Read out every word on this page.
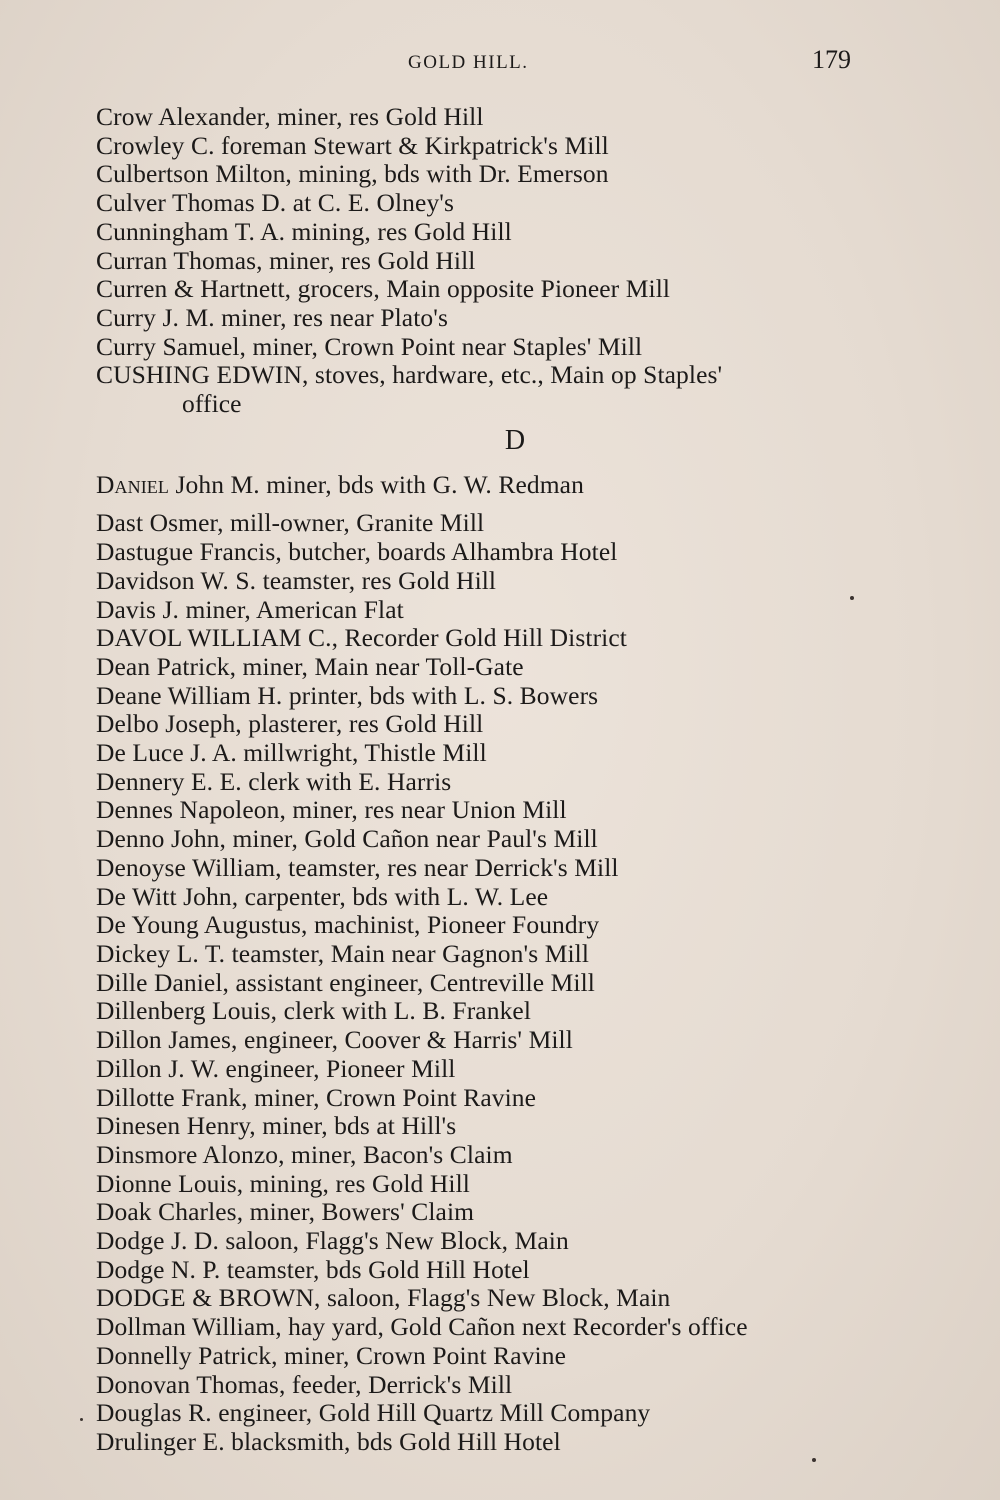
GOLD HILL.	179
Crow Alexander, miner, res Gold Hill
Crowley C. foreman Stewart & Kirkpatrick's Mill
Culbertson Milton, mining, bds with Dr. Emerson
Culver Thomas D. at C. E. Olney's
Cunningham T. A. mining, res Gold Hill
Curran Thomas, miner, res Gold Hill
Curren & Hartnett, grocers, Main opposite Pioneer Mill
Curry J. M. miner, res near Plato's
Curry Samuel, miner, Crown Point near Staples' Mill
CUSHING EDWIN, stoves, hardware, etc., Main op Staples'
office
D
Daniel John M. miner, bds with G. W. Redman
Dast Osmer, mill-owner, Granite Mill
Dastugue Francis, butcher, boards Alhambra Hotel
Davidson W. S. teamster, res Gold Hill
Davis J. miner, American Flat
DAVOL WILLIAM C., Recorder Gold Hill District
Dean Patrick, miner, Main near Toll-Gate
Deane William H. printer, bds with L. S. Bowers
Delbo Joseph, plasterer, res Gold Hill
De Luce J. A. millwright, Thistle Mill
Dennery E. E. clerk with E. Harris
Dennes Napoleon, miner, res near Union Mill
Denno John, miner, Gold Cañon near Paul's Mill
Denoyse William, teamster, res near Derrick's Mill
De Witt John, carpenter, bds with L. W. Lee
De Young Augustus, machinist, Pioneer Foundry
Dickey L. T. teamster, Main near Gagnon's Mill
Dille Daniel, assistant engineer, Centreville Mill
Dillenberg Louis, clerk with L. B. Frankel
Dillon James, engineer, Coover & Harris' Mill
Dillon J. W. engineer, Pioneer Mill
Dillotte Frank, miner, Crown Point Ravine
Dinesen Henry, miner, bds at Hill's
Dinsmore Alonzo, miner, Bacon's Claim
Dionne Louis, mining, res Gold Hill
Doak Charles, miner, Bowers' Claim
Dodge J. D. saloon, Flagg's New Block, Main
Dodge N. P. teamster, bds Gold Hill Hotel
DODGE & BROWN, saloon, Flagg's New Block, Main
Dollman William, hay yard, Gold Cañon next Recorder's office
Donnelly Patrick, miner, Crown Point Ravine
Donovan Thomas, feeder, Derrick's Mill
Douglas R. engineer, Gold Hill Quartz Mill Company
Drulinger E. blacksmith, bds Gold Hill Hotel
